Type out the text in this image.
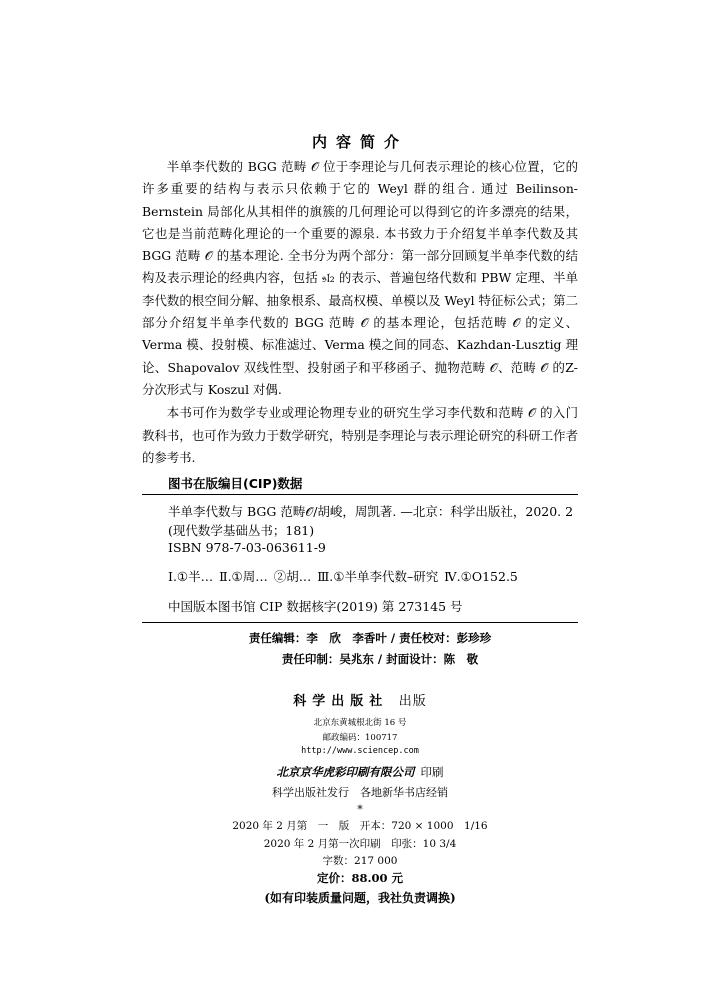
内容简介

半单李代数的 BGG 范畴 𝒪 位于李理论与几何表示理论的核心位置，它的许多重要的结构与表示只依赖于它的 Weyl 群的组合. 通过 Beilinson-Bernstein 局部化从其相伴的旗簇的几何理论可以得到它的许多漂亮的结果，它也是当前范畴化理论的一个重要的源泉. 本书致力于介绍复半单李代数及其 BGG 范畴 𝒪 的基本理论. 全书分为两个部分：第一部分回顾复半单李代数的结构及表示理论的经典内容，包括 𝔰𝔩₂ 的表示、普遍包络代数和 PBW 定理、半单李代数的根空间分解、抽象根系、最高权模、单模以及 Weyl 特征标公式；第二部分介绍复半单李代数的 BGG 范畴 𝒪 的基本理论，包括范畴 𝒪 的定义、Verma 模、投射模、标准滤过、Verma 模之间的同态、Kazhdan-Lusztig 理论、Shapovalov 双线性型、投射函子和平移函子、抛物范畴 𝒪、范畴 𝒪 的Z-分次形式与 Koszul 对偶.

本书可作为数学专业或理论物理专业的研究生学习李代数和范畴 𝒪 的入门教科书，也可作为致力于数学研究，特别是李理论与表示理论研究的科研工作者的参考书.

图书在版编目(CIP)数据
半单李代数与 BGG 范畴𝒪/胡峻，周凯著. —北京：科学出版社，2020. 2
(现代数学基础丛书；181)
ISBN 978-7-03-063611-9
Ⅰ.①半… Ⅱ.①周… ②胡… Ⅲ.①半单李代数–研究 Ⅳ.①O152.5
中国版本图书馆 CIP 数据核字(2019) 第 273145 号
责任编辑：李　欣　李香叶 / 责任校对：彭珍珍
责任印制：吴兆东 / 封面设计：陈　敬
科学出版社 出版
北京东黄城根北街 16 号
邮政编码：100717
http://www.sciencep.com
北京京华虎彩印刷有限公司 印刷
科学出版社发行　各地新华书店经销
*
2020 年 2 月第　一　版　开本：720 × 1000　1/16
2020 年 2 月第一次印刷　印张：10 3/4
字数：217 000
定价：88.00 元
(如有印装质量问题，我社负责调换)
